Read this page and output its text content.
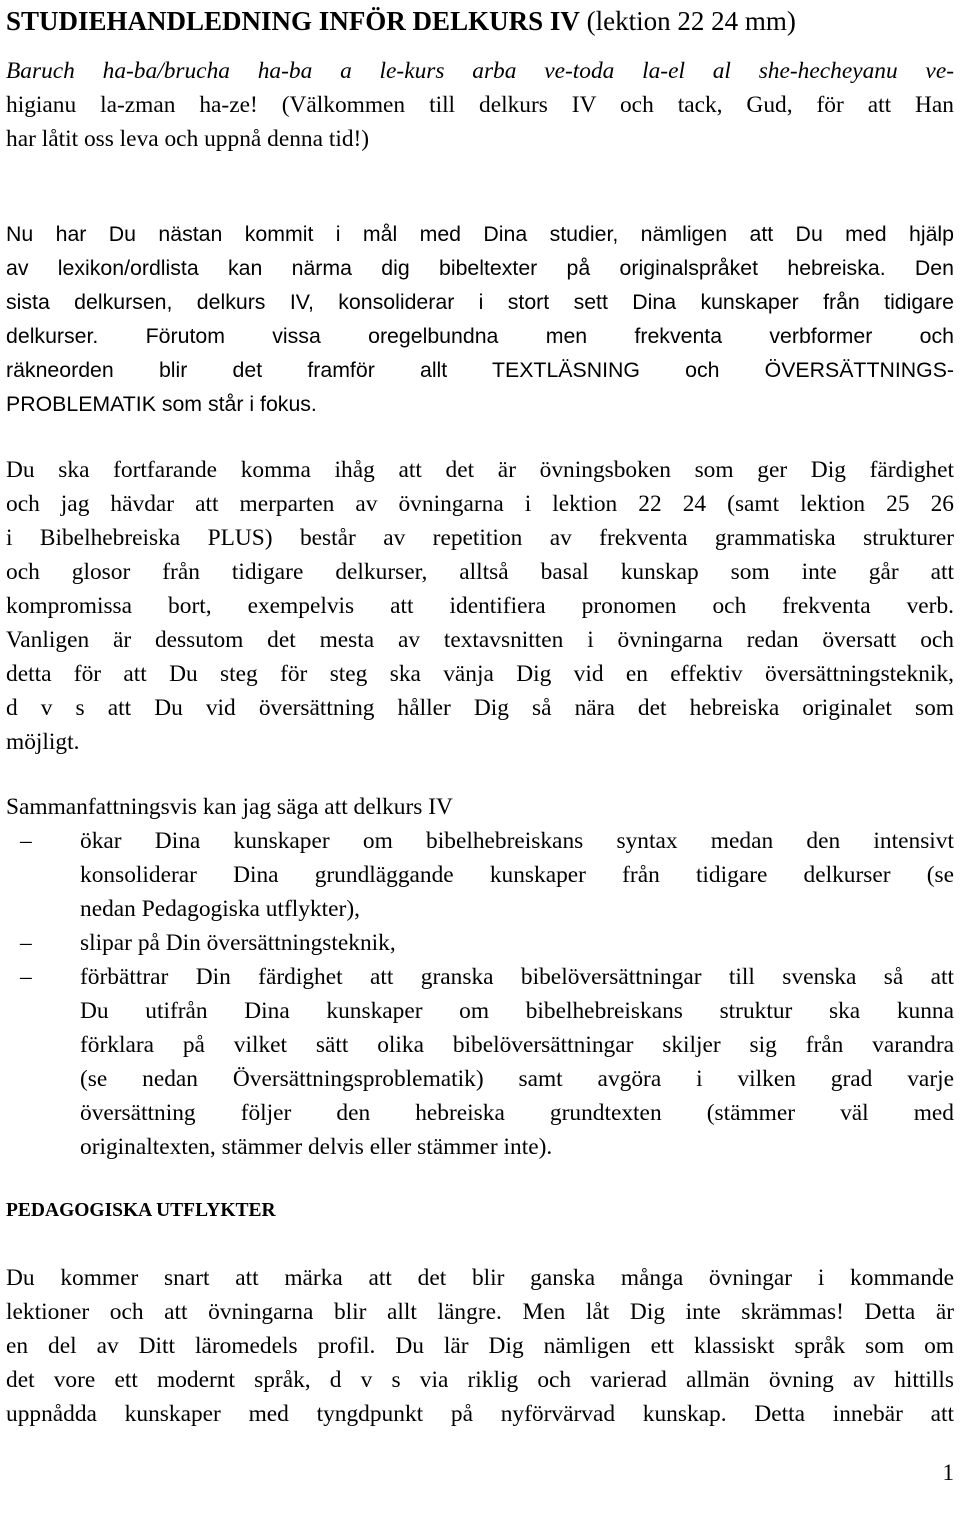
STUDIEHANDLEDNING INFÖR DELKURS IV (lektion 22 24 mm)
Baruch ha-ba/brucha ha-ba a le-kurs arba ve-toda la-el al she-hecheyanu ve-
higianu la-zman ha-ze! (Välkommen till delkurs IV och tack, Gud, för att Han
har låtit oss leva och uppnå denna tid!)
Nu har Du nästan kommit i mål med Dina studier, nämligen att Du med hjälp
av lexikon/ordlista kan närma dig bibeltexter på originalspråket hebreiska. Den
sista delkursen, delkurs IV, konsoliderar i stort sett Dina kunskaper från tidigare
delkurser. Förutom vissa oregelbundna men frekventa verbformer och
räkneorden blir det framför allt TEXTLÄSNING och ÖVERSÄTTNINGS-
PROBLEMATIK som står i fokus.
Du ska fortfarande komma ihåg att det är övningsboken som ger Dig färdighet
och jag hävdar att merparten av övningarna i lektion 22 24 (samt lektion 25 26
i Bibelhebreiska PLUS) består av repetition av frekventa grammatiska strukturer
och glosor från tidigare delkurser, alltså basal kunskap som inte går att
kompromissa bort, exempelvis att identifiera pronomen och frekventa verb.
Vanligen är dessutom det mesta av textavsnitten i övningarna redan översatt och
detta för att Du steg för steg ska vänja Dig vid en effektiv översättningsteknik,
d v s att Du vid översättning håller Dig så nära det hebreiska originalet som
möjligt.
Sammanfattningsvis kan jag säga att delkurs IV
– ökar Dina kunskaper om bibelhebreiskans syntax medan den intensivt
konsoliderar Dina grundläggande kunskaper från tidigare delkurser (se
nedan Pedagogiska utflykter),
– slipar på Din översättningsteknik,
– förbättrar Din färdighet att granska bibelöversättningar till svenska så att
Du utifrån Dina kunskaper om bibelhebreiskans struktur ska kunna
förklara på vilket sätt olika bibelöversättningar skiljer sig från varandra
(se nedan Översättningsproblematik) samt avgöra i vilken grad varje
översättning följer den hebreiska grundtexten (stämmer väl med
originaltexten, stämmer delvis eller stämmer inte).
PEDAGOGISKA UTFLYKTER
Du kommer snart att märka att det blir ganska många övningar i kommande
lektioner och att övningarna blir allt längre. Men låt Dig inte skrämmas! Detta är
en del av Ditt läromedels profil. Du lär Dig nämligen ett klassiskt språk som om
det vore ett modernt språk, d v s via riklig och varierad allmän övning av hittills
uppnådda kunskaper med tyngdpunkt på nyförvärvad kunskap. Detta innebär att
1
